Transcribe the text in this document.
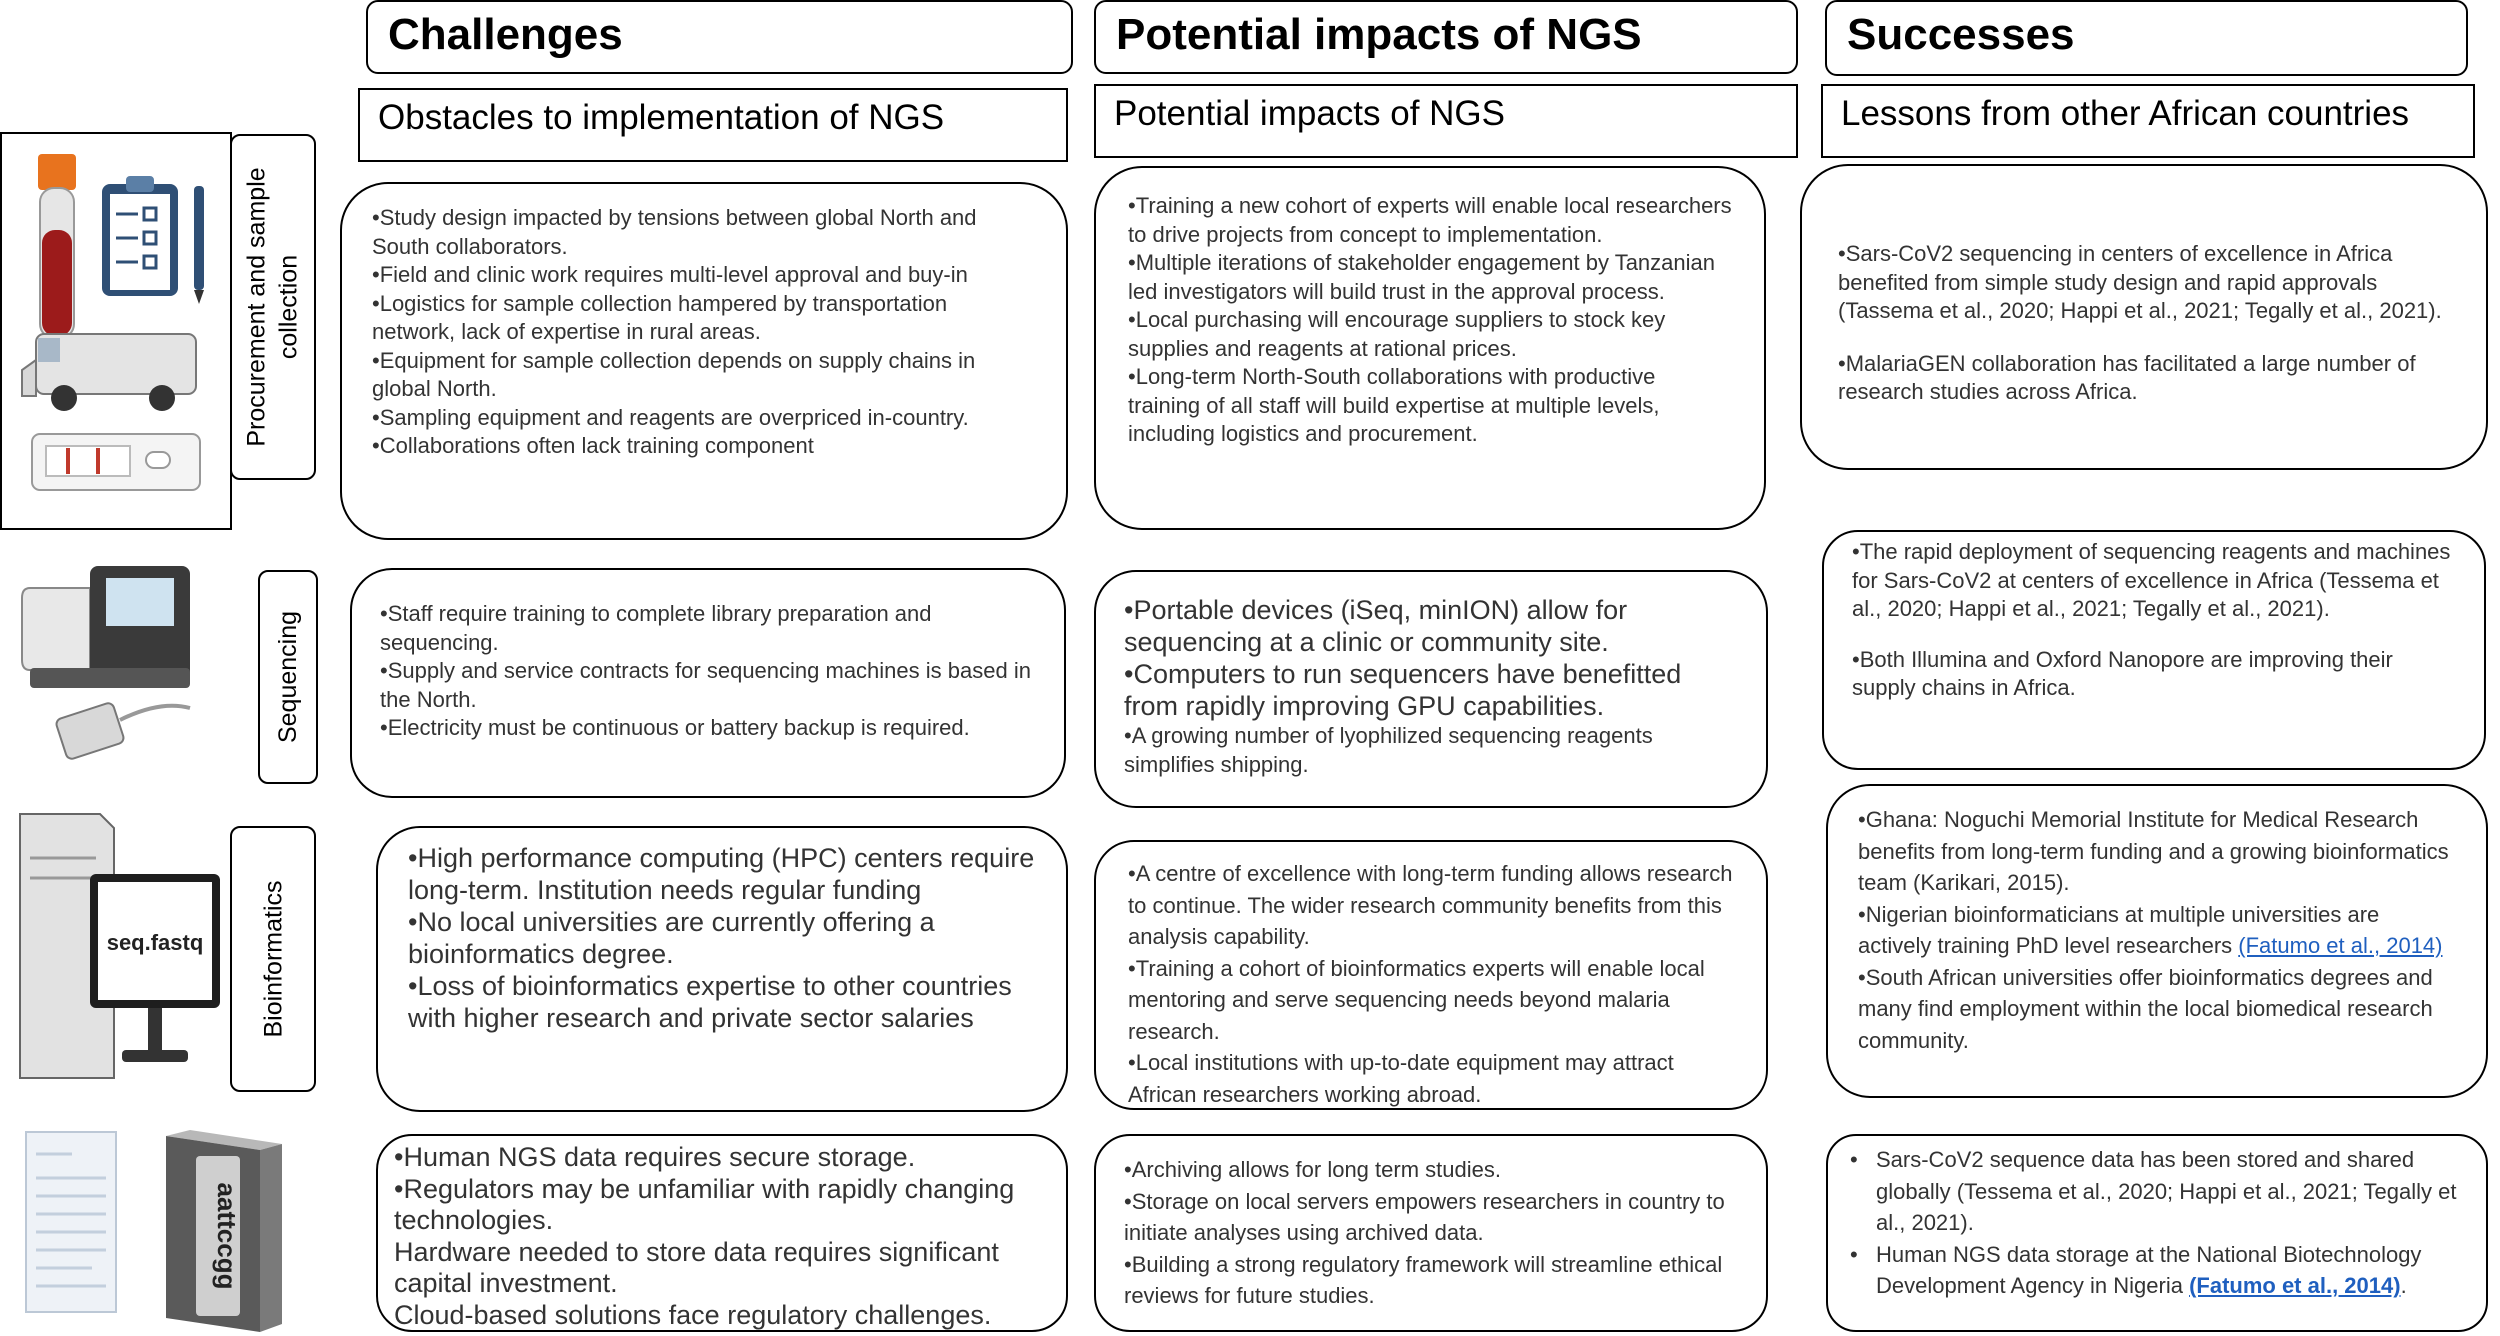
Challenges	Potential impacts of NGS	Successes
Obstacles to implementation of NGS	Potential impacts of NGS	Lessons from other African countries
Procurement and sample
collection
•Study design impacted by tensions between global North and South collaborators.
•Field and clinic work requires multi-level approval and buy-in
•Logistics for sample collection hampered by transportation network, lack of expertise in rural areas.
•Equipment for sample collection depends on supply chains in global North.
•Sampling equipment and reagents are overpriced in-country.
•Collaborations often lack training component
•Training a new cohort of experts will enable local researchers to drive projects from concept to implementation.
•Multiple iterations of stakeholder engagement by Tanzanian led investigators will build trust in the approval process.
•Local purchasing will encourage suppliers to stock key supplies and reagents at rational prices.
•Long-term North-South collaborations with productive training of all staff will build expertise at multiple levels, including logistics and procurement.
•Sars-CoV2 sequencing in centers of excellence in Africa benefited from simple study design and rapid approvals (Tassema et al., 2020; Happi et al., 2021; Tegally et al., 2021).
•MalariaGEN collaboration has facilitated a large number of research studies across Africa.
Sequencing	•Staff require training to complete library preparation and sequencing.
•Supply and service contracts for sequencing machines is based in the North.
•Electricity must be continuous or battery backup is required.
•Portable devices (iSeq, minION) allow for sequencing at a clinic or community site.
•Computers to run sequencers have benefitted from rapidly improving GPU capabilities.
•A growing number of lyophilized sequencing reagents simplifies shipping.
•The rapid deployment of sequencing reagents and machines for Sars-CoV2 at centers of excellence in Africa (Tessema et al., 2020; Happi et al., 2021; Tegally et al., 2021).
•Both Illumina and Oxford Nanopore are improving their supply chains in Africa.
seq.fastq Bioinformatics
•High performance computing (HPC) centers require long-term. Institution needs regular funding
•No local universities are currently offering a bioinformatics degree.
•Loss of bioinformatics expertise to other countries with higher research and private sector salaries
•A centre of excellence with long-term funding allows research to continue. The wider research community benefits from this analysis capability.
•Training a cohort of bioinformatics experts will enable local mentoring and serve sequencing needs beyond malaria research.
•Local institutions with up-to-date equipment may attract African researchers working abroad.
•Ghana: Noguchi Memorial Institute for Medical Research benefits from long-term funding and a growing bioinformatics team (Karikari, 2015).
•Nigerian bioinformaticians at multiple universities are actively training PhD level researchers (Fatumo et al., 2014)
•South African universities offer bioinformatics degrees and many find employment within the local biomedical research community.
aattccgg
•Human NGS data requires secure storage.
•Regulators may be unfamiliar with rapidly changing technologies.
Hardware needed to store data requires significant capital investment.
Cloud-based solutions face regulatory challenges.
•Archiving allows for long term studies.
•Storage on local servers empowers researchers in country to initiate analyses using archived data.
•Building a strong regulatory framework will streamline ethical reviews for future studies.
• Sars-CoV2 sequence data has been stored and shared globally (Tessema et al., 2020; Happi et al., 2021; Tegally et al., 2021).
• Human NGS data storage at the National Biotechnology Development Agency in Nigeria (Fatumo et al., 2014).
